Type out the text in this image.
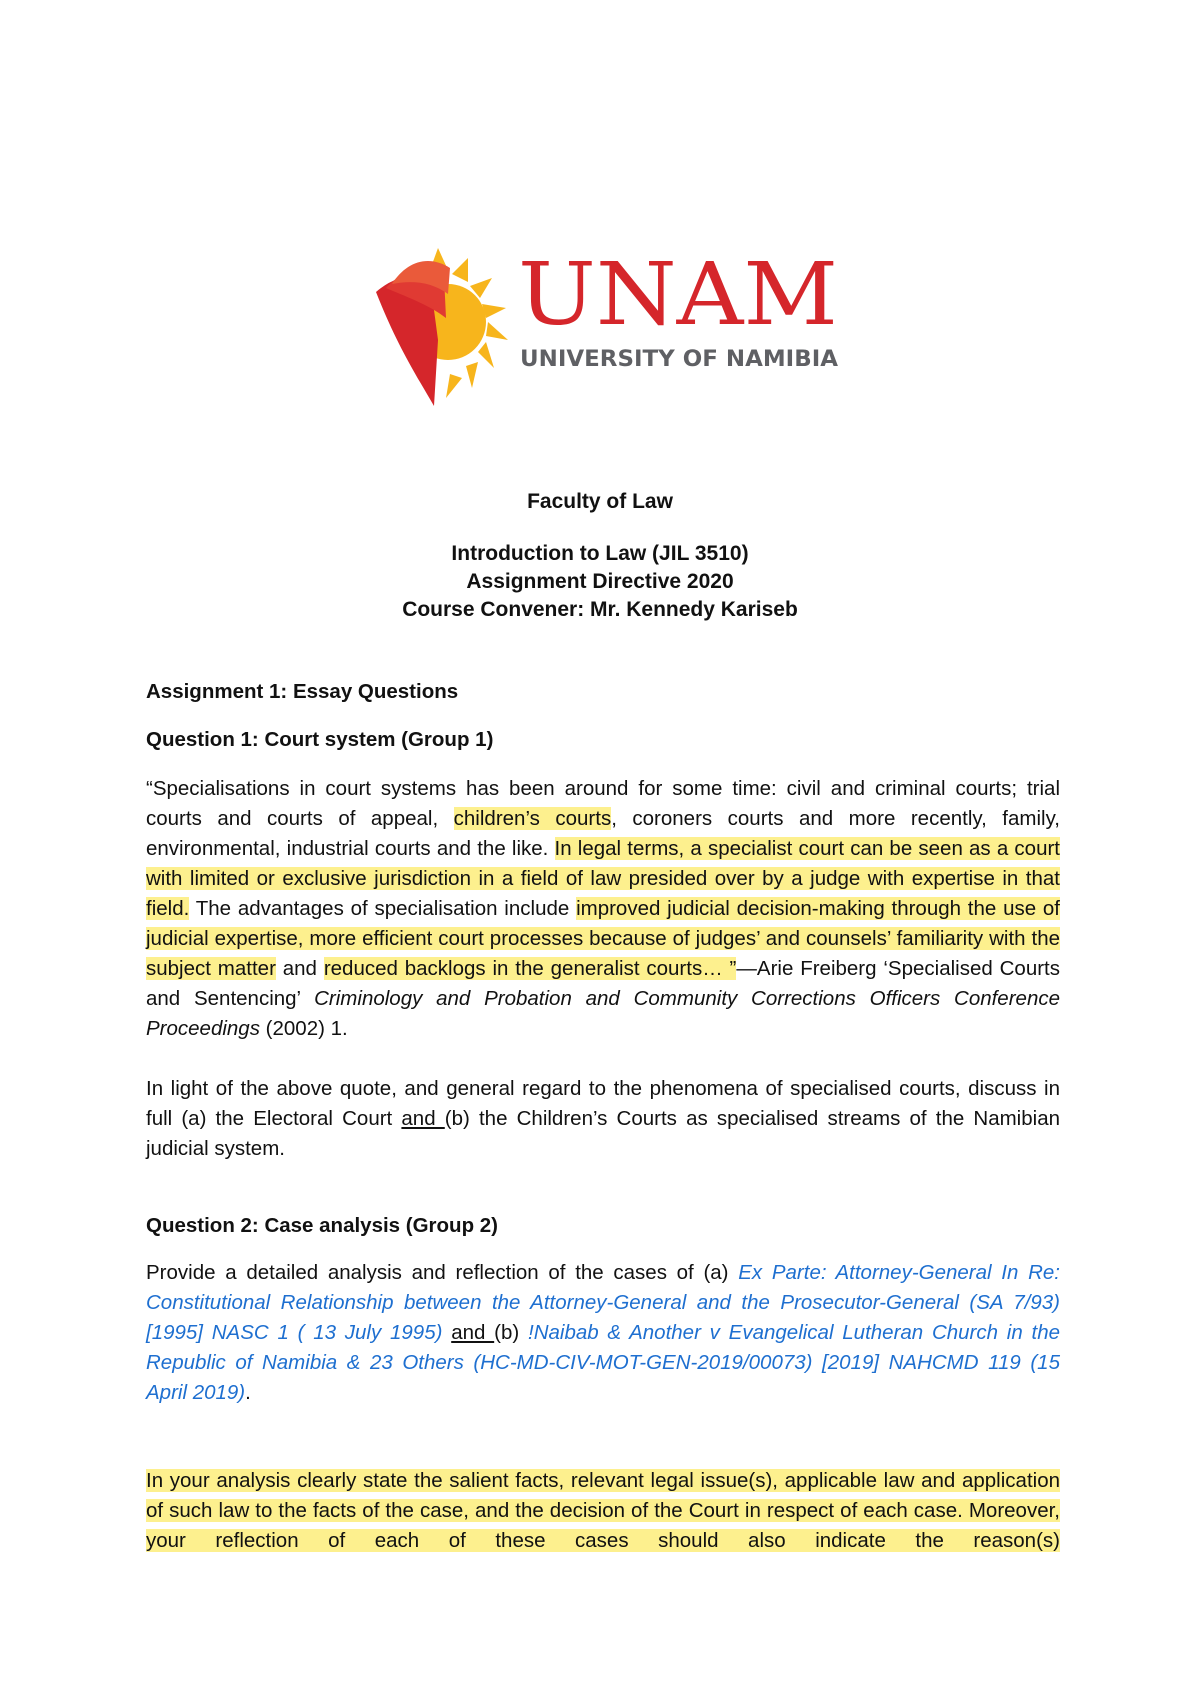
UNAM
UNIVERSITY OF NAMIBIA
Faculty of Law
Introduction to Law (JIL 3510)
Assignment Directive 2020
Course Convener: Mr. Kennedy Kariseb

Assignment 1: Essay Questions

Question 1: Court system (Group 1)

“Specialisations in court systems has been around for some time: civil and criminal courts; trial courts and courts of appeal, children’s courts, coroners courts and more recently, family, environmental, industrial courts and the like. In legal terms, a specialist court can be seen as a court with limited or exclusive jurisdiction in a field of law presided over by a judge with expertise in that field. The advantages of specialisation include improved judicial decision-making through the use of judicial expertise, more efficient court processes because of judges’ and counsels’ familiarity with the subject matter and reduced backlogs in the generalist courts… ”—Arie Freiberg ‘Specialised Courts and Sentencing’ Criminology and Probation and Community Corrections Officers Conference Proceedings (2002) 1.

In light of the above quote, and general regard to the phenomena of specialised courts, discuss in full (a) the Electoral Court and (b) the Children’s Courts as specialised streams of the Namibian judicial system.

Question 2: Case analysis (Group 2)

Provide a detailed analysis and reflection of the cases of (a) Ex Parte: Attorney-General In Re: Constitutional Relationship between the Attorney-General and the Prosecutor-General (SA 7/93) [1995] NASC 1 ( 13 July 1995) and (b) !Naibab & Another v Evangelical Lutheran Church in the Republic of Namibia & 23 Others (HC-MD-CIV-MOT-GEN-2019/00073) [2019] NAHCMD 119 (15 April 2019).

In your analysis clearly state the salient facts, relevant legal issue(s), applicable law and application of such law to the facts of the case, and the decision of the Court in respect of each case. Moreover, your reflection of each of these cases should also indicate the reason(s)
